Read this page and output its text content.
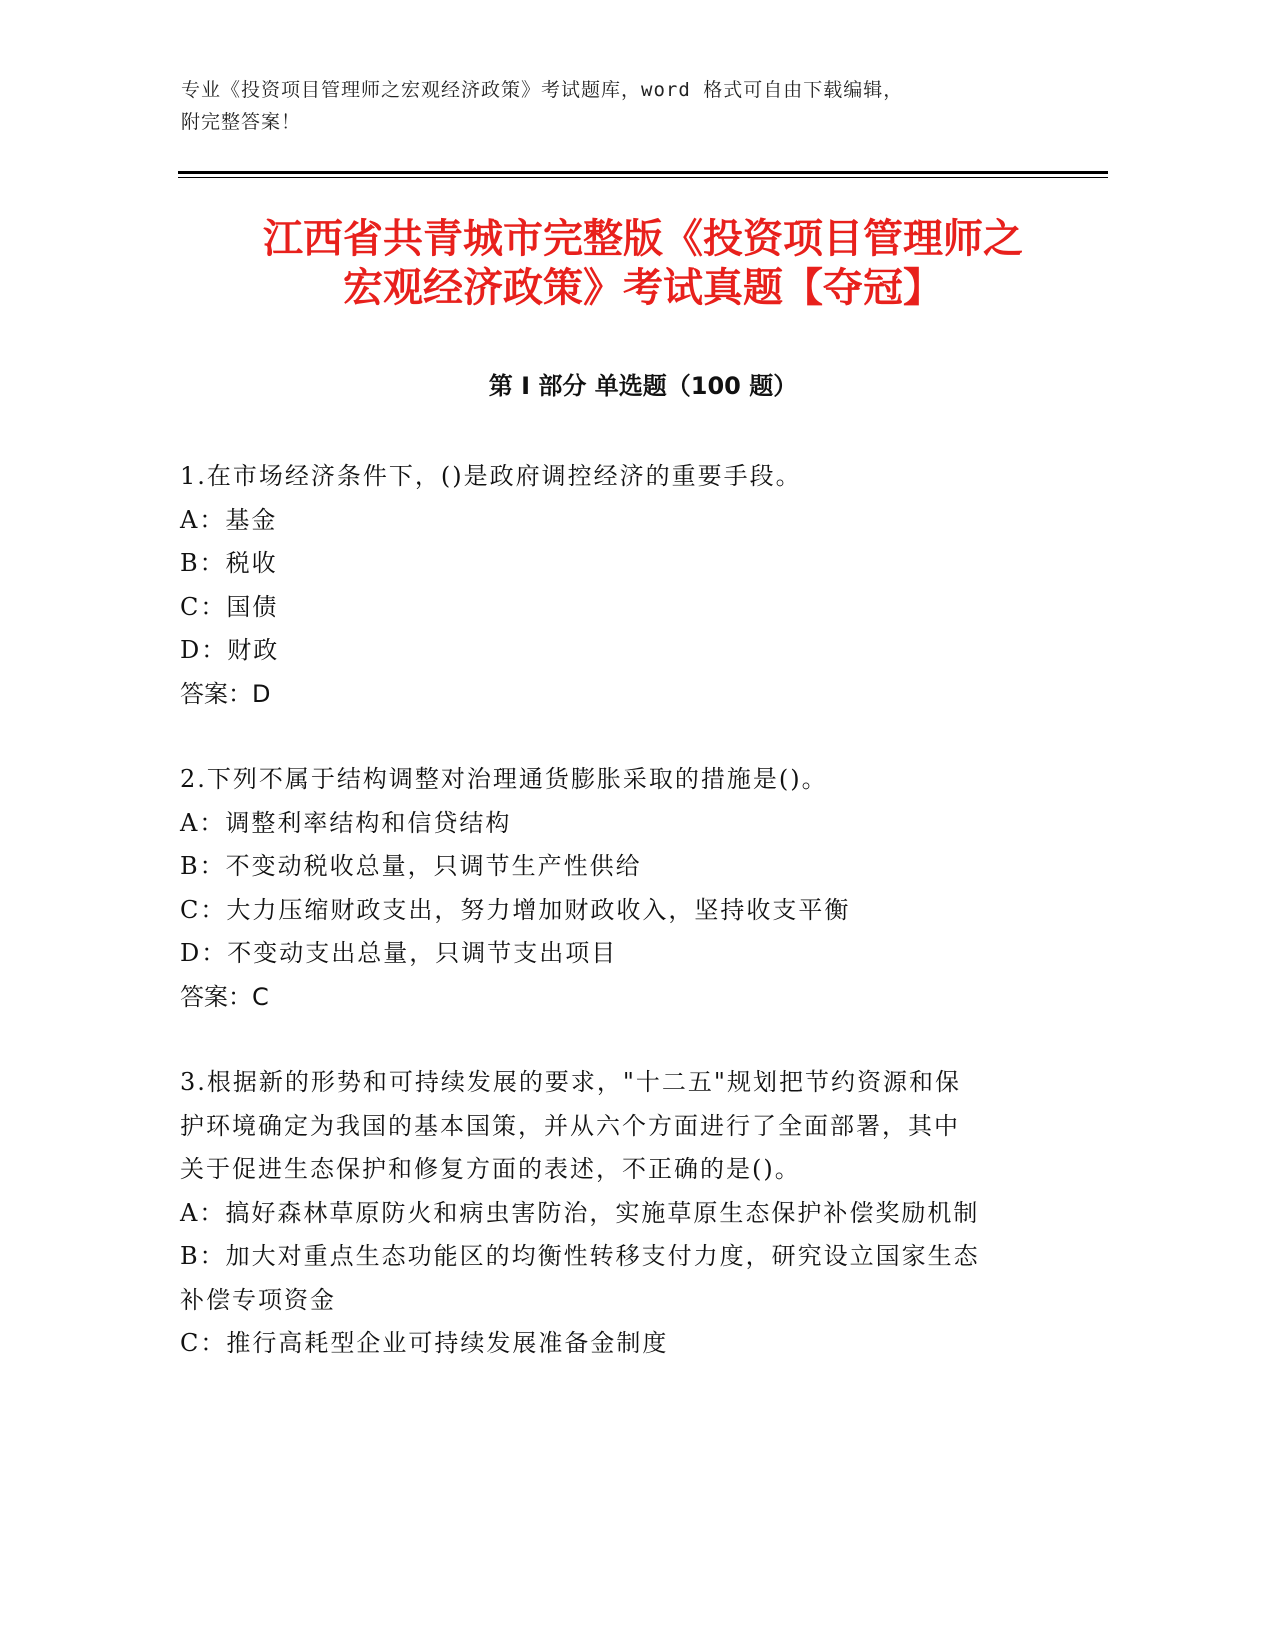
专业《投资项目管理师之宏观经济政策》考试题库，word 格式可自由下载编辑，
附完整答案！
江西省共青城市完整版《投资项目管理师之
宏观经济政策》考试真题【夺冠】
第 I 部分 单选题（100 题）
1.在市场经济条件下，()是政府调控经济的重要手段。
A：基金
B：税收
C：国债
D：财政
答案：D
2.下列不属于结构调整对治理通货膨胀采取的措施是()。
A：调整利率结构和信贷结构
B：不变动税收总量，只调节生产性供给
C：大力压缩财政支出，努力增加财政收入，坚持收支平衡
D：不变动支出总量，只调节支出项目
答案：C
3.根据新的形势和可持续发展的要求，"十二五"规划把节约资源和保
护环境确定为我国的基本国策，并从六个方面进行了全面部署，其中
关于促进生态保护和修复方面的表述，不正确的是()。
A：搞好森林草原防火和病虫害防治，实施草原生态保护补偿奖励机制
B：加大对重点生态功能区的均衡性转移支付力度，研究设立国家生态
补偿专项资金
C：推行高耗型企业可持续发展准备金制度
